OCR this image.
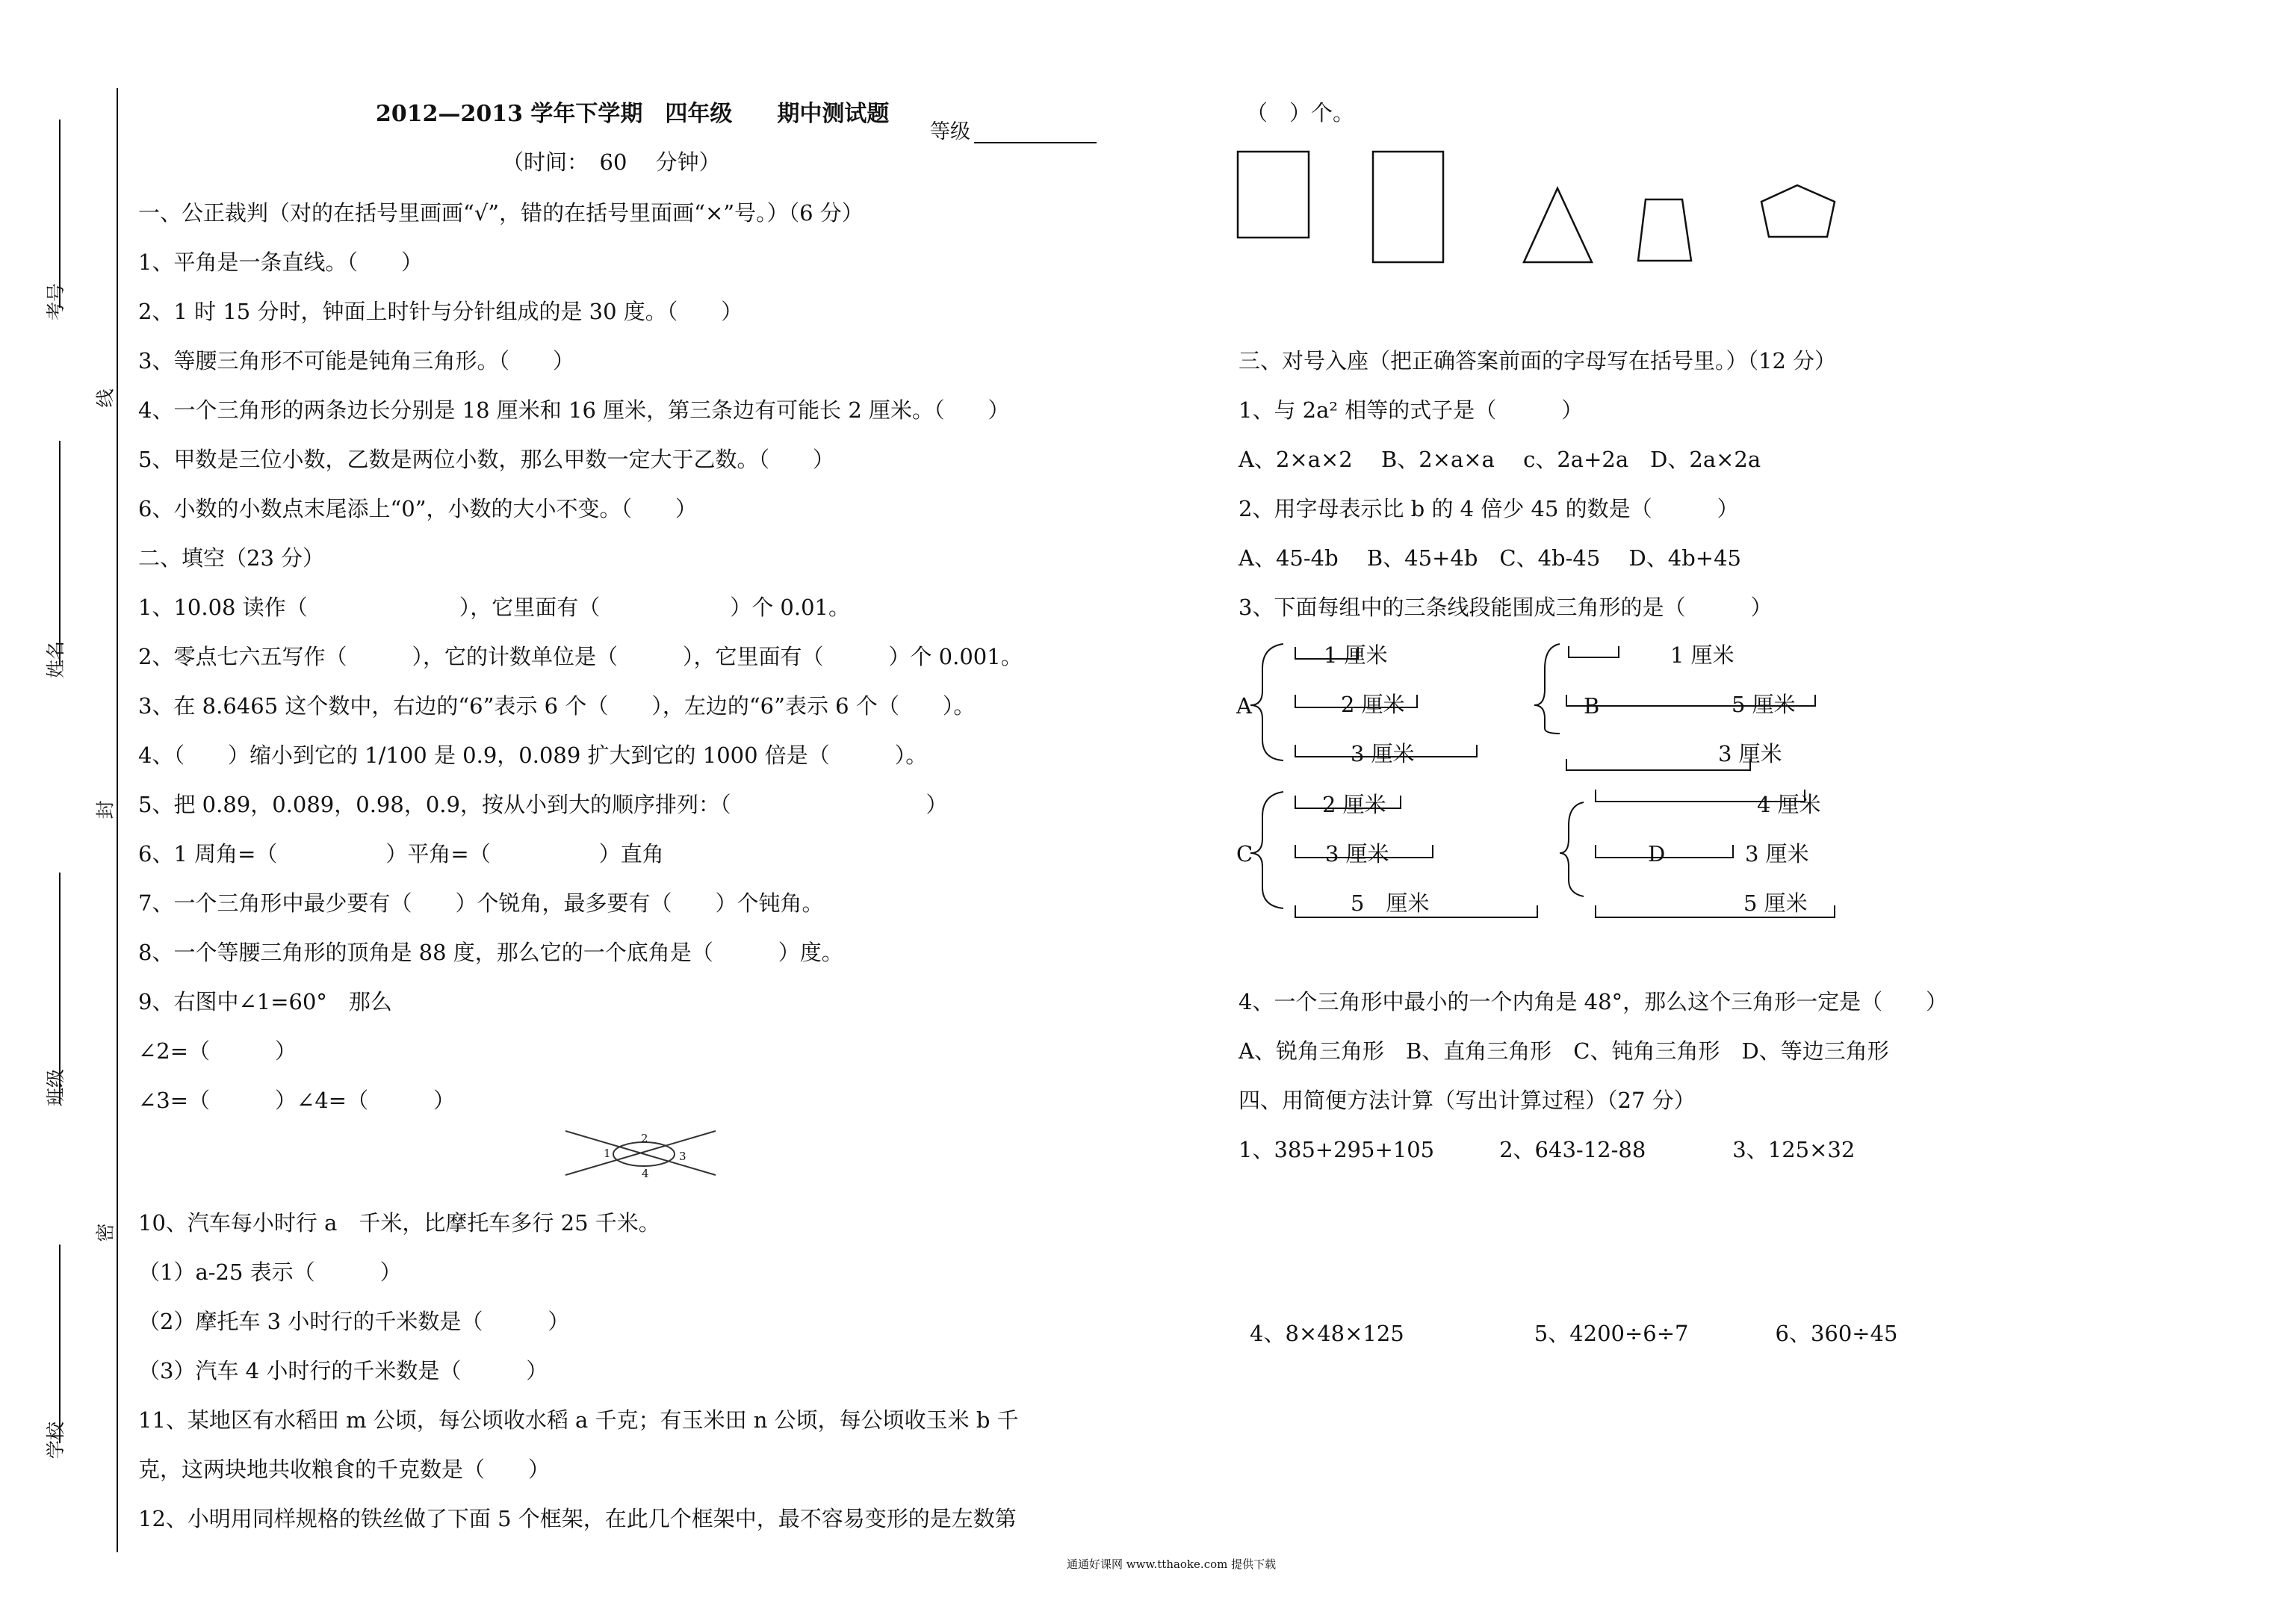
考号
线
姓名
封
班级
密
学校
2012—2013 学年下学期　四年级　　期中测试题
等级
（时间：　60　 分钟）
一、公正裁判（对的在括号里画画“√”，错的在括号里面画“×”号。）（6 分）
1、平角是一条直线。（　　）
2、1 时 15 分时，钟面上时针与分针组成的是 30 度。（　　）
3、等腰三角形不可能是钝角三角形。（　　）
4、一个三角形的两条边长分别是 18 厘米和 16 厘米，第三条边有可能长 2 厘米。（　　）
5、甲数是三位小数，乙数是两位小数，那么甲数一定大于乙数。（　　）
6、小数的小数点末尾添上“0”，小数的大小不变。（　　）
二、填空（23 分）
1、10.08 读作（　　　　　　　），它里面有（　　　　　　）个 0.01。
2、零点七六五写作（　　　），它的计数单位是（　　　），它里面有（　　　）个 0.001。
3、在 8.6465 这个数中，右边的“6”表示 6 个（　　），左边的“6”表示 6 个（　　）。
4、（　　）缩小到它的 1/100 是 0.9，0.089 扩大到它的 1000 倍是（　　　）。
5、把 0.89，0.089，0.98，0.9，按从小到大的顺序排列：（　　　　　　　　　）
6、1 周角=（　　　　　）平角=（　　　　　）直角
7、一个三角形中最少要有（　　）个锐角，最多要有（　　）个钝角。
8、一个等腰三角形的顶角是 88 度，那么它的一个底角是（　　　）度。
9、右图中∠1=60°　那么
∠2=（　　　）
∠3=（　　　）∠4=（　　　）
1
2
3
4
10、汽车每小时行 a　千米，比摩托车多行 25 千米。
（1）a-25 表示（　　　）
（2）摩托车 3 小时行的千米数是（　　　）
（3）汽车 4 小时行的千米数是（　　　）
11、某地区有水稻田 m 公顷，每公顷收水稻 a 千克；有玉米田 n 公顷，每公顷收玉米 b 千
克，这两块地共收粮食的千克数是（　　）
12、小明用同样规格的铁丝做了下面 5 个框架，在此几个框架中，最不容易变形的是左数第
（　）个。
三、对号入座（把正确答案前面的字母写在括号里。）（12 分）
1、与 2a² 相等的式子是（　　　）
A、2×a×2　 B、2×a×a　 c、2a+2a　D、2a×2a
2、用字母表示比 b 的 4 倍少 45 的数是（　　　）
A、45-4b　 B、45+4b　C、4b-45　 D、4b+45
3、下面每组中的三条线段能围成三角形的是（　　　）
A	B
C	D
1 厘米
2 厘米
3 厘米
1 厘米
5 厘米
3 厘米
2 厘米
3 厘米
5　厘米
4 厘米
3 厘米
5 厘米
4、一个三角形中最小的一个内角是 48°，那么这个三角形一定是（　　）
A、锐角三角形　B、直角三角形　C、钝角三角形　D、等边三角形
四、用简便方法计算（写出计算过程）（27 分）
1、385+295+105　　　2、643-12-88　　　　3、125×32
4、8×48×125　　　　　　5、4200÷6÷7　　　　6、360÷45
通通好课网 www.tthaoke.com 提供下载
